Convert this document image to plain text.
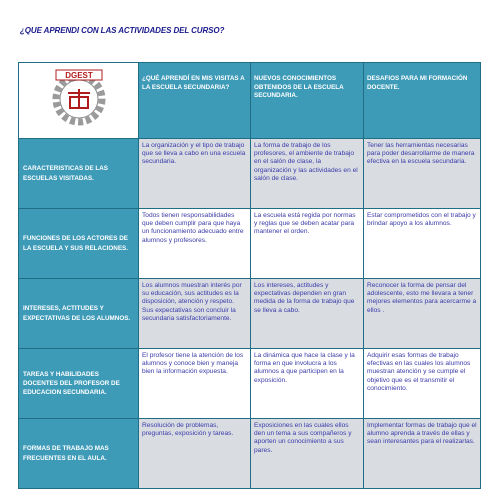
¿QUE APRENDI CON LAS ACTIVIDADES DEL CURSO?
DGEST	¿QUÉ APRENDÍ EN MIS VISITAS A LA ESCUELA SECUNDARIA?	NUEVOS CONOCIMIENTOS OBTENIDOS DE LA ESCUELA SECUNDARIA.	DESAFIOS PARA MI FORMACIÓN DOCENTE.
CARACTERISTICAS DE LAS ESCUELAS VISITADAS.	La organización y el tipo de trabajo que se lleva a cabo en una escuela secundaria.	La forma de trabajo de los profesores, el ambiente de trabajo en el salón de clase, la organización y las actividades en el salón de clase.	Tener las herramientas necesarias para poder desarrollarme de manera efectiva en la escuela secundaria.
FUNCIONES DE LOS ACTORES DE LA ESCUELA Y SUS RELACIONES.	Todos tienen responsabilidades que deben cumplir para que haya un funcionamiento adecuado entre alumnos y profesores.	La escuela está regida por normas y reglas que se deben acatar para mantener el orden.	Estar comprometidos con el trabajo y brindar apoyo a los alumnos.
INTERESES, ACTITUDES Y EXPECTATIVAS DE LOS ALUMNOS.	Los alumnos muestran interés por su educación, sus actitudes es la disposición, atención y respeto. Sus expectativas son concluir la secundaria satisfactoriamente.	Los intereses, actitudes y expectativas dependen en gran medida de la forma de trabajo que se lleva a cabo.	Reconocer la forma de pensar del adolescente, esto me llevara a tener mejores elementos para acercarme a ellos .
TAREAS Y HABILIDADES DOCENTES DEL PROFESOR DE EDUCACION SECUNDARIA.	El profesor tiene la atención de los alumnos y conoce bien y maneja bien la información expuesta.	La dinámica que hace la clase y la forma en que involucra a los alumnos a que participen en la exposición.	Adquirir esas formas de trabajo efectivas en las cuales los alumnos muestran atención y se cumple el objetivo que es el transmitir el conocimiento.
FORMAS DE TRABAJO MAS FRECUENTES EN EL AULA.	Resolución de problemas, preguntas, exposición y tareas.	Exposiciones en las cuales ellos den un tema a sus compañeros y aporten un conocimiento a sus pares.	Implementar formas de trabajo que el alumno aprenda a través de ellas y sean interesantes para el realizarlas.
